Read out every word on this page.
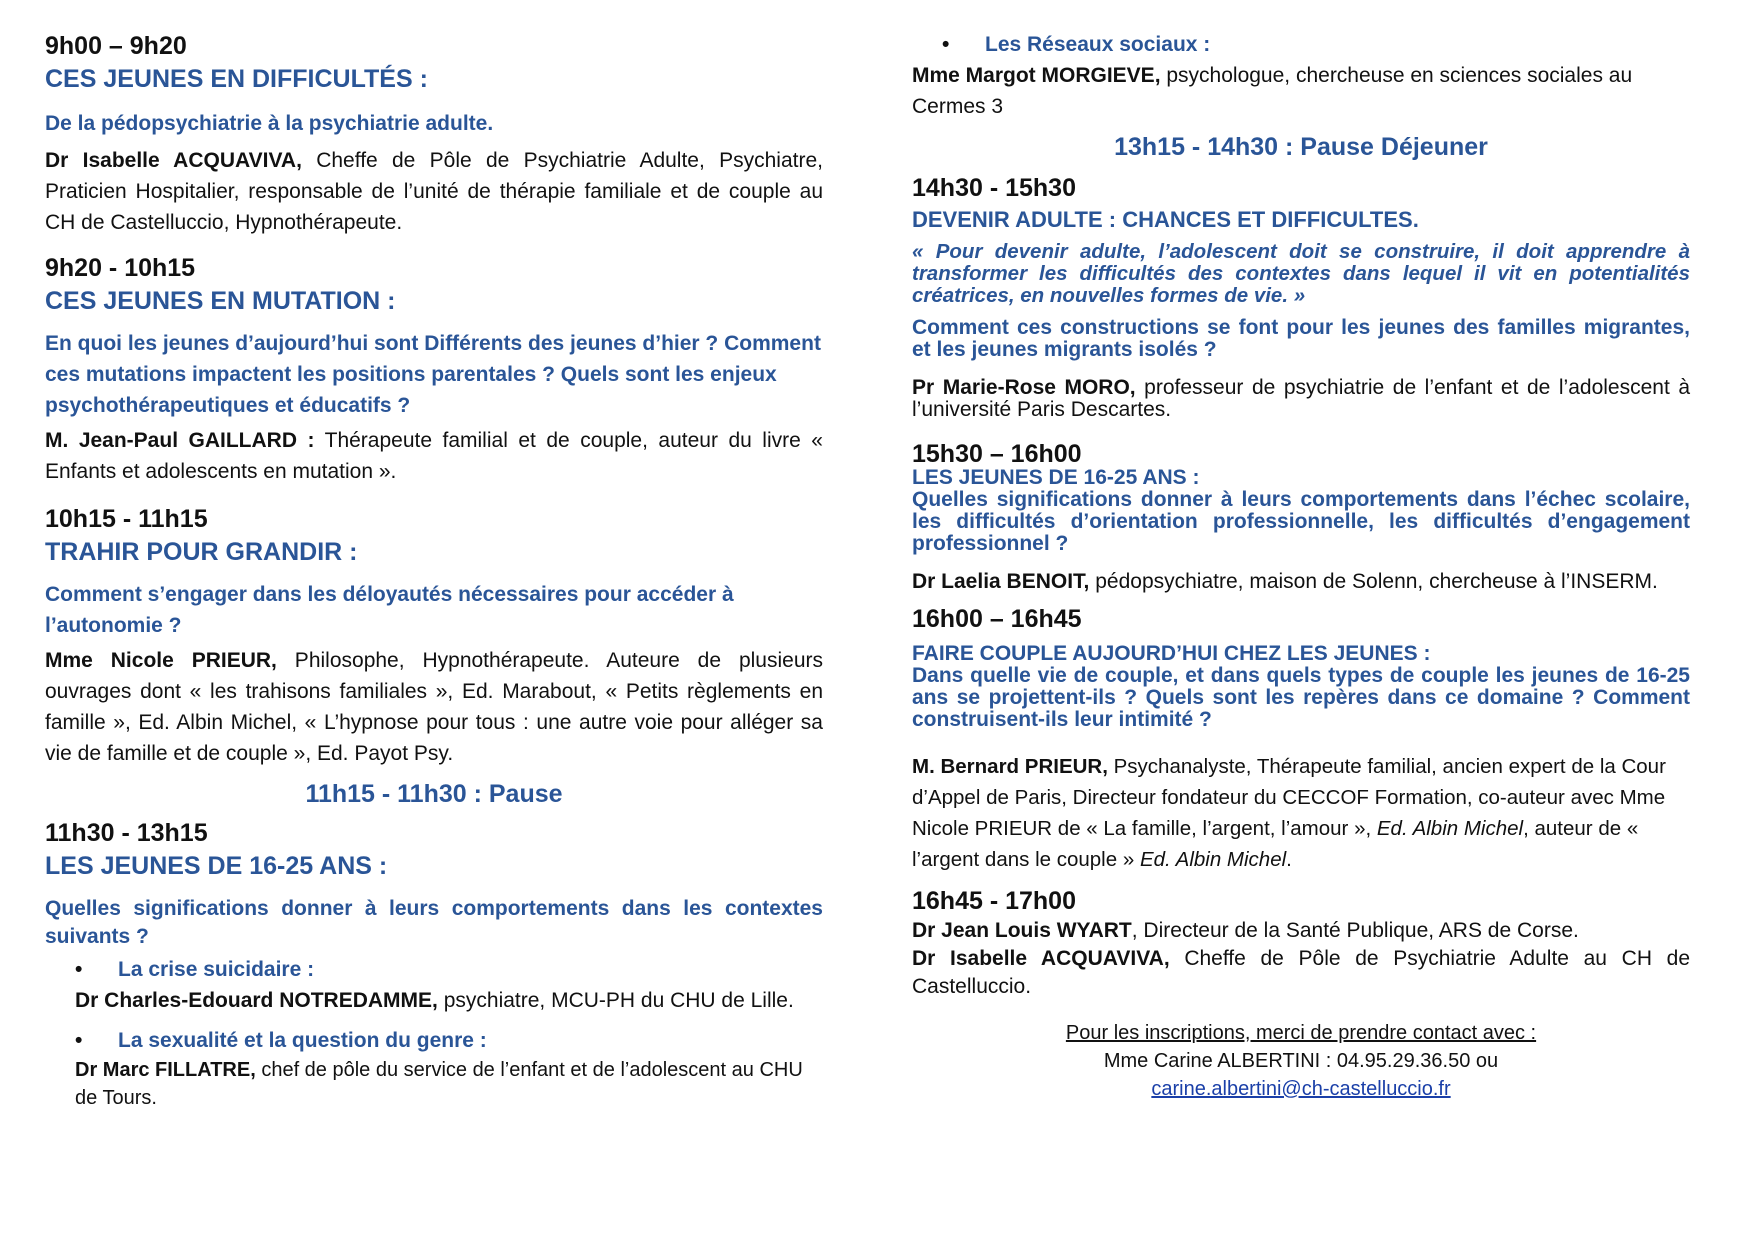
9h00 – 9h20
CES JEUNES EN DIFFICULTÉS :
De la pédopsychiatrie à la psychiatrie adulte.
Dr Isabelle ACQUAVIVA, Cheffe de Pôle de Psychiatrie Adulte, Psychiatre, Praticien Hospitalier, responsable de l’unité de thérapie familiale et de couple au CH de Castelluccio, Hypnothérapeute.
9h20 - 10h15
CES JEUNES EN MUTATION :
En quoi les jeunes d’aujourd’hui sont Différents des jeunes d’hier ? Comment ces mutations impactent les positions parentales ? Quels sont les enjeux psychothérapeutiques et éducatifs ?
M. Jean-Paul GAILLARD : Thérapeute familial et de couple, auteur du livre « Enfants et adolescents en mutation ».
10h15 - 11h15
TRAHIR POUR GRANDIR :
Comment s’engager dans les déloyautés nécessaires pour accéder à l’autonomie ?
Mme Nicole PRIEUR, Philosophe, Hypnothérapeute. Auteure de plusieurs ouvrages dont « les trahisons familiales », Ed. Marabout, « Petits règlements en famille », Ed. Albin Michel, « L’hypnose pour tous : une autre voie pour alléger sa vie de famille et de couple », Ed. Payot Psy.
11h15 - 11h30 : Pause
11h30 - 13h15
LES JEUNES DE 16-25 ANS :
Quelles significations donner à leurs comportements dans les contextes suivants ?
• La crise suicidaire :
Dr Charles-Edouard NOTREDAMME, psychiatre, MCU-PH du CHU de Lille.
• La sexualité et la question du genre :
Dr Marc FILLATRE, chef de pôle du service de l’enfant et de l’adolescent au CHU de Tours.
• Les Réseaux sociaux :
Mme Margot MORGIEVE, psychologue, chercheuse en sciences sociales au Cermes 3
13h15 - 14h30 : Pause Déjeuner
14h30 - 15h30
DEVENIR ADULTE : CHANCES ET DIFFICULTES.
« Pour devenir adulte, l’adolescent doit se construire, il doit apprendre à transformer les difficultés des contextes dans lequel il vit en potentialités créatrices, en nouvelles formes de vie. »
Comment ces constructions se font pour les jeunes des familles migrantes, et les jeunes migrants isolés ?
Pr Marie-Rose MORO, professeur de psychiatrie de l’enfant et de l’adolescent à l’université Paris Descartes.
15h30 – 16h00
LES JEUNES DE 16-25 ANS :
Quelles significations donner à leurs comportements dans l’échec scolaire, les difficultés d’orientation professionnelle, les difficultés d’engagement professionnel ?
Dr Laelia BENOIT, pédopsychiatre, maison de Solenn, chercheuse à l’INSERM.
16h00 – 16h45
FAIRE COUPLE AUJOURD’HUI CHEZ LES JEUNES :
Dans quelle vie de couple, et dans quels types de couple les jeunes de 16-25 ans se projettent-ils ? Quels sont les repères dans ce domaine ? Comment construisent-ils leur intimité ?
M. Bernard PRIEUR, Psychanalyste, Thérapeute familial, ancien expert de la Cour d’Appel de Paris, Directeur fondateur du CECCOF Formation, co-auteur avec Mme Nicole PRIEUR de « La famille, l’argent, l’amour », Ed. Albin Michel, auteur de « l’argent dans le couple » Ed. Albin Michel.
16h45 - 17h00
Dr Jean Louis WYART, Directeur de la Santé Publique, ARS de Corse.
Dr Isabelle ACQUAVIVA, Cheffe de Pôle de Psychiatrie Adulte au CH de Castelluccio.
Pour les inscriptions, merci de prendre contact avec :
Mme Carine ALBERTINI : 04.95.29.36.50 ou
carine.albertini@ch-castelluccio.fr
